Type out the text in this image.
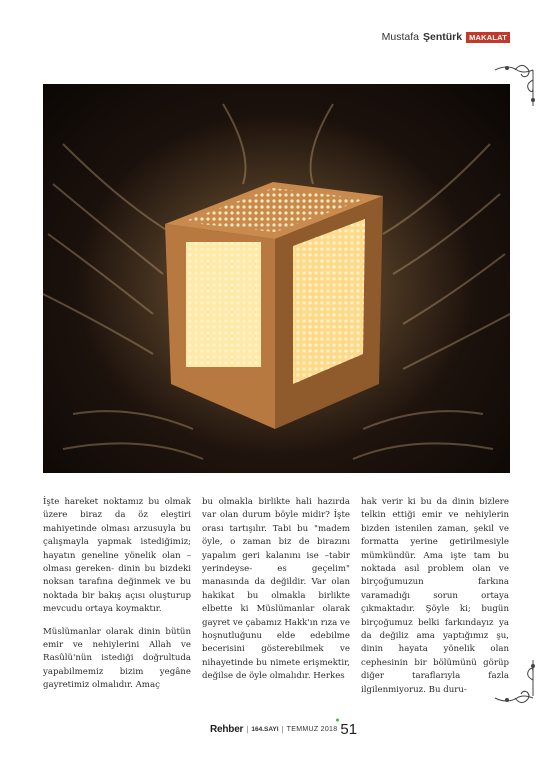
Mustafa Şentürk MAKALAT

İşte hareket noktamız bu olmak üzere biraz da öz eleştiri mahiyetinde olması arzusuyla bu çalışmayla yapmak istediğimiz; hayatın geneline yönelik olan – olması gereken- dinin bu bizdeki noksan tarafına değinmek ve bu noktada bir bakış açısı oluşturup mevcudu ortaya koymaktır.

Müslümanlar olarak dinin bütün emir ve nehiylerini Allah ve Rasûlü'nün istediği doğrultuda yapabilmemiz bizim yegâne gayretimiz olmalıdır. Amaç

bu olmakla birlikte hali hazırda var olan durum böyle midir? İşte orası tartışılır. Tabi bu "madem öyle, o zaman biz de birazını yapalım geri kalanını ise –tabir yerindeyse- es geçelim" manasında da değildir. Var olan hakikat bu olmakla birlikte elbette ki Müslümanlar olarak gayret ve çabamız Hakk'ın rıza ve hoşnutluğunu elde edebilme becerisini gösterebilmek ve nihayetinde bu nimete erişmektir, değilse de öyle olmalıdır. Herkes

hak verir ki bu da dinin bizlere telkin ettiği emir ve nehiylerin bizden istenilen zaman, şekil ve formatta yerine getirilmesiyle mümkündür. Ama işte tam bu noktada asıl problem olan ve birçoğumuzun farkına varamadığı sorun ortaya çıkmaktadır. Şöyle ki; bugün birçoğumuz belki farkındayız ya da değiliz ama yaptığımız şu, dinin hayata yönelik olan cephesinin bir bölümünü görüp diğer taraflarıyla fazla ilgilenmiyoruz. Bu duru-

Rehber | 164.SAYI | TEMMUZ 2018
●
51
